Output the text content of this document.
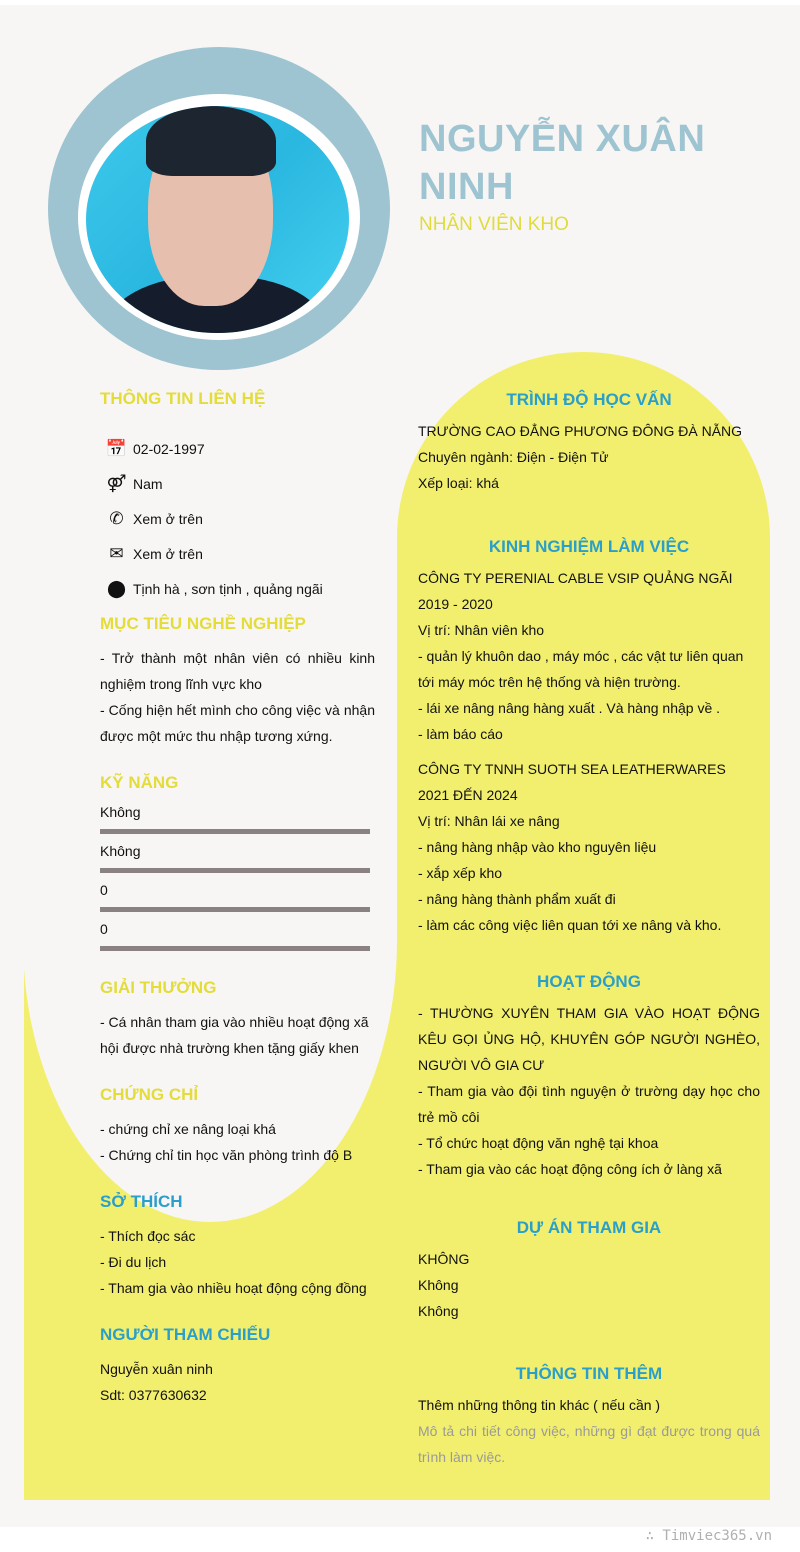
NGUYỄN XUÂN
NINH
NHÂN VIÊN KHO
THÔNG TIN LIÊN HỆ
📅 02-02-1997
⚤ Nam
✆ Xem ở trên
✉ Xem ở trên
⬤ Tịnh hà , sơn tịnh , quảng ngãi
MỤC TIÊU NGHỀ NGHIỆP

- Trở thành một nhân viên có nhiều kinh nghiệm trong lĩnh vực kho

- Cống hiện hết mình cho công việc và nhận được một mức thu nhập tương xứng.

KỸ NĂNG
Không
Không
0
0
GIẢI THƯỞNG
- Cá nhân tham gia vào nhiều hoạt động xã hội được nhà trường khen tặng giấy khen
CHỨNG CHỈ
- chứng chỉ xe nâng loại khá
- Chứng chỉ tin học văn phòng trình độ B
SỞ THÍCH
- Thích đọc sác
- Đi du lịch
- Tham gia vào nhiều hoạt động cộng đồng
NGƯỜI THAM CHIẾU
Nguyễn xuân ninh
Sdt: 0377630632
TRÌNH ĐỘ HỌC VẤN
TRƯỜNG CAO ĐẲNG PHƯƠNG ĐÔNG ĐÀ NẴNG
Chuyên ngành: Điện - Điện Tử
Xếp loại: khá
KINH NGHIỆM LÀM VIỆC
CÔNG TY PERENIAL CABLE VSIP QUẢNG NGÃI
2019 - 2020
Vị trí: Nhân viên kho
- quản lý khuôn dao , máy móc , các vật tư liên quan tới máy móc trên hệ thống và hiện trường.
- lái xe nâng nâng hàng xuất . Và hàng nhập về .
- làm báo cáo
CÔNG TY TNNH SUOTH SEA LEATHERWARES
2021 ĐẾN 2024
Vị trí: Nhân lái xe nâng
- nâng hàng nhập vào kho nguyên liệu
- xắp xếp kho
- nâng hàng thành phẩm xuất đi
- làm các công việc liên quan tới xe nâng và kho.
HOẠT ĐỘNG
- THƯỜNG XUYÊN THAM GIA VÀO HOẠT ĐỘNG KÊU GỌI ỦNG HỘ, KHUYÊN GÓP NGƯỜI NGHÈO, NGƯỜI VÔ GIA CƯ
- Tham gia vào đội tình nguyện ở trường dạy học cho trẻ mồ côi
- Tổ chức hoạt động văn nghệ tại khoa
- Tham gia vào các hoạt động công ích ở làng xã
DỰ ÁN THAM GIA
KHÔNG
Không
Không
THÔNG TIN THÊM
Thêm những thông tin khác ( nếu cần )
Mô tả chi tiết công việc, những gì đạt được trong quá trình làm việc.
∴ Timviec365.vn
